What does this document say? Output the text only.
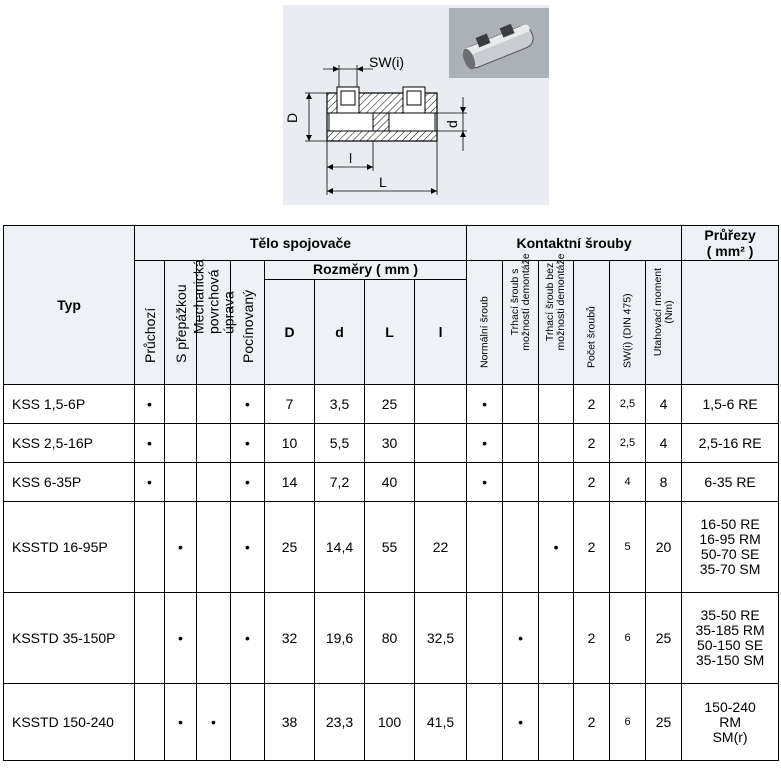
SW(i)
D
d
l
L
Typ	Tělo spojovače								Kontaktní šrouby						Průřezy
( mm² )

	Průchozí	S přepážkou	Mechanická povrchová úprava	Pocínovaný	Rozměry ( mm )				Normální šroub	Trhací šroub s možností demontáže	Trhací šroub bez možnosti demontáže	Počet šroubů	SW(i) (DIN 475)	Utahovací moment (Nm)	

					D	d	L	l							
KSS 1,5-6P	•			•	7	3,5	25		•			2	2,5	4	1,5-6 RE

KSS 2,5-16P	•			•	10	5,5	30		•			2	2,5	4	2,5-16 RE

KSS 6-35P	•			•	14	7,2	40		•			2	4	8	6-35 RE

KSSTD 16-95P		•		•	25	14,4	55	22			•	2	5	20	16-50 RE
16-95 RM
50-70 SE
35-70 SM

KSSTD 35-150P		•		•	32	19,6	80	32,5		•		2	6	25	35-50 RE
35-185 RM
50-150 SE
35-150 SM

KSSTD 150-240		•	•		38	23,3	100	41,5		•		2	6	25	150-240
RM
SM(r)
